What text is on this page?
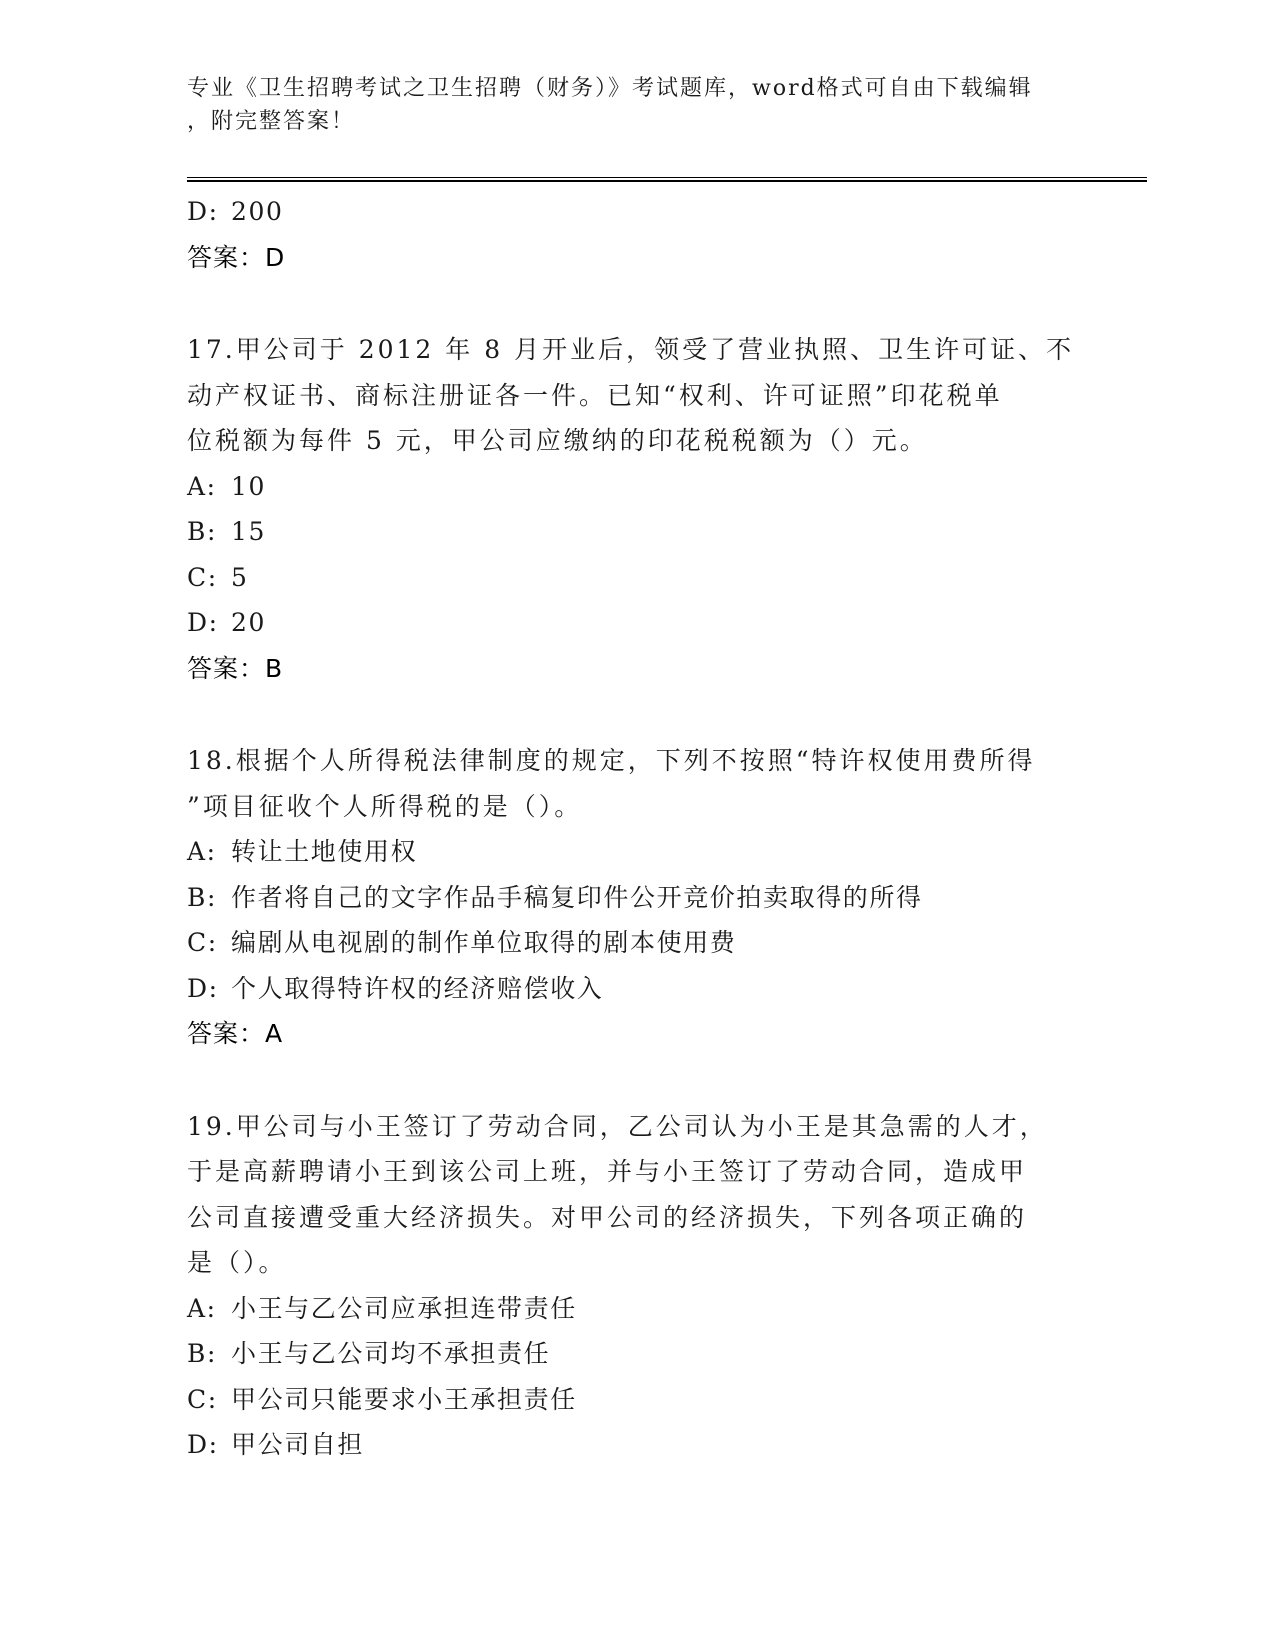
专业《卫生招聘考试之卫生招聘（财务）》考试题库，word格式可自由下载编辑
，附完整答案！
D: 200
答案：D
17.甲公司于 2012 年 8 月开业后，领受了营业执照、卫生许可证、不
动产权证书、商标注册证各一件。已知“权利、许可证照”印花税单
位税额为每件 5 元，甲公司应缴纳的印花税税额为（）元。
A: 10
B: 15
C: 5
D: 20
答案：B
18.根据个人所得税法律制度的规定，下列不按照“特许权使用费所得
”项目征收个人所得税的是（）。
A: 转让土地使用权
B: 作者将自己的文字作品手稿复印件公开竞价拍卖取得的所得
C: 编剧从电视剧的制作单位取得的剧本使用费
D: 个人取得特许权的经济赔偿收入
答案：A
19.甲公司与小王签订了劳动合同，乙公司认为小王是其急需的人才，
于是高薪聘请小王到该公司上班，并与小王签订了劳动合同，造成甲
公司直接遭受重大经济损失。对甲公司的经济损失，下列各项正确的
是（）。
A: 小王与乙公司应承担连带责任
B: 小王与乙公司均不承担责任
C: 甲公司只能要求小王承担责任
D: 甲公司自担
